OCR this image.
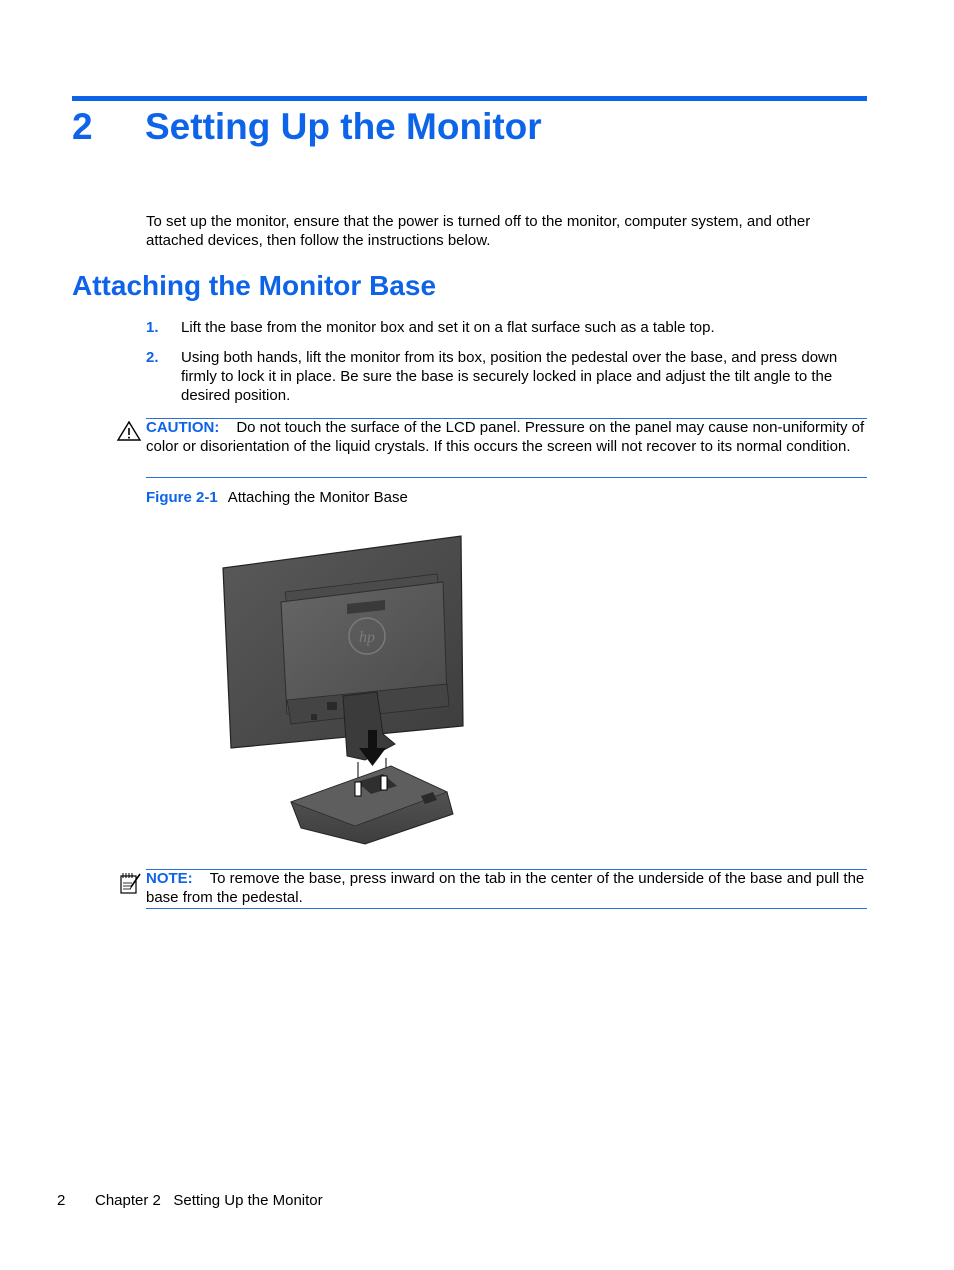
2 Setting Up the Monitor
To set up the monitor, ensure that the power is turned off to the monitor, computer system, and other attached devices, then follow the instructions below.
Attaching the Monitor Base
1. Lift the base from the monitor box and set it on a flat surface such as a table top.
2. Using both hands, lift the monitor from its box, position the pedestal over the base, and press down firmly to lock it in place. Be sure the base is securely locked in place and adjust the tilt angle to the desired position.
CAUTION: Do not touch the surface of the LCD panel. Pressure on the panel may cause non-uniformity of color or disorientation of the liquid crystals. If this occurs the screen will not recover to its normal condition.
Figure 2-1 Attaching the Monitor Base
hp
NOTE: To remove the base, press inward on the tab in the center of the underside of the base and pull the base from the pedestal.
2 Chapter 2   Setting Up the Monitor
